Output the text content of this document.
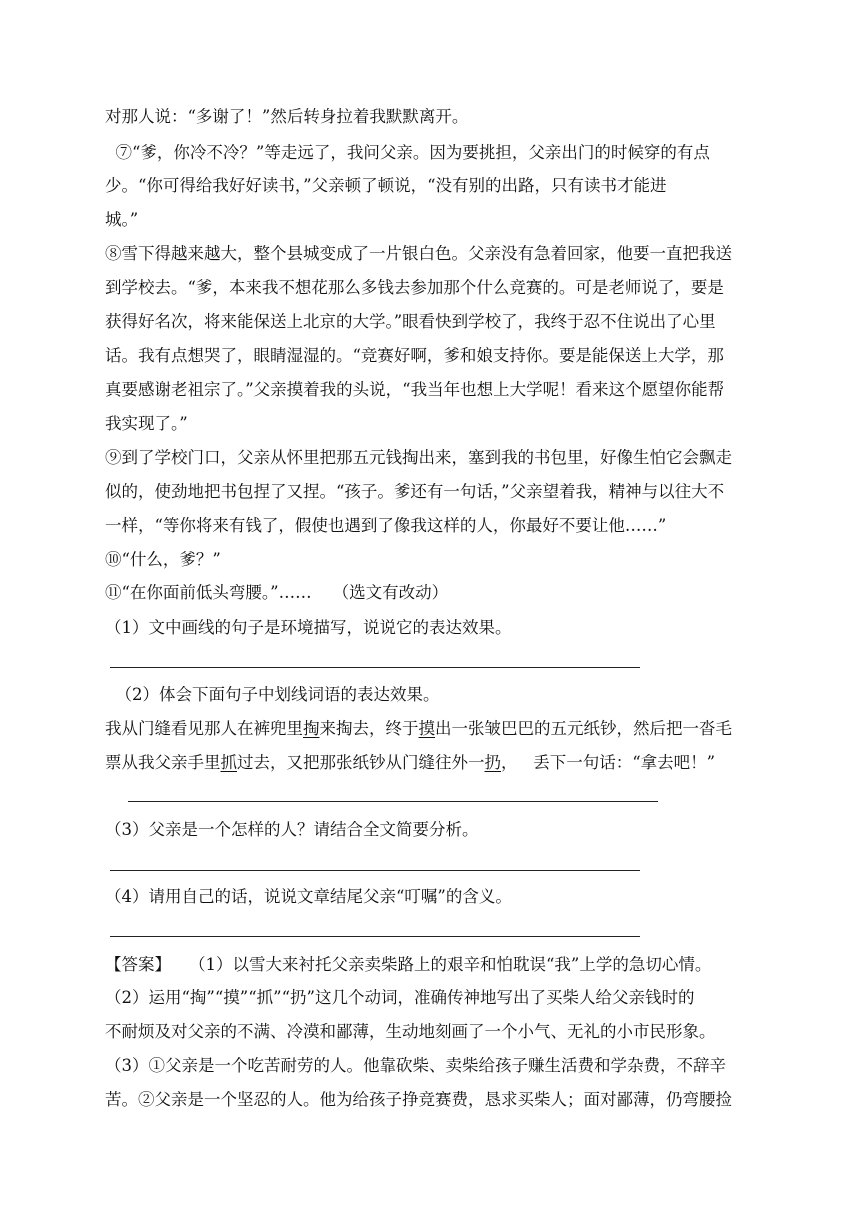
对那人说：“多谢了！”然后转身拉着我默默离开。
⑦“爹，你冷不冷？”等走远了，我问父亲。因为要挑担，父亲出门的时候穿的有点
少。“你可得给我好好读书，”父亲顿了顿说，“没有别的出路，只有读书才能进
城。”
⑧雪下得越来越大，整个县城变成了一片银白色。父亲没有急着回家，他要一直把我送
到学校去。“爹，本来我不想花那么多钱去参加那个什么竞赛的。可是老师说了，要是
获得好名次，将来能保送上北京的大学。”眼看快到学校了，我终于忍不住说出了心里
话。我有点想哭了，眼睛湿湿的。“竞赛好啊，爹和娘支持你。要是能保送上大学，那
真要感谢老祖宗了。”父亲摸着我的头说，“我当年也想上大学呢！看来这个愿望你能帮
我实现了。”
⑨到了学校门口，父亲从怀里把那五元钱掏出来，塞到我的书包里，好像生怕它会飘走
似的，使劲地把书包捏了又捏。“孩子。爹还有一句话，”父亲望着我，精神与以往大不
一样，“等你将来有钱了，假使也遇到了像我这样的人，你最好不要让他……”
⑩“什么，爹？”
⑪“在你面前低头弯腰。”……    （选文有改动）
（1）文中画线的句子是环境描写，说说它的表达效果。
（2）体会下面句子中划线词语的表达效果。
我从门缝看见那人在裤兜里掏来掏去，终于摸出一张皱巴巴的五元纸钞，然后把一沓毛
票从我父亲手里抓过去，又把那张纸钞从门缝往外一扔，   丢下一句话：“拿去吧！”
（3）父亲是一个怎样的人？请结合全文简要分析。
（4）请用自己的话，说说文章结尾父亲“叮嘱”的含义。
【答案】 （1）以雪大来衬托父亲卖柴路上的艰辛和怕耽误“我”上学的急切心情。
（2）运用“掏”“摸”“抓”“扔”这几个动词，准确传神地写出了买柴人给父亲钱时的
不耐烦及对父亲的不满、冷漠和鄙薄，生动地刻画了一个小气、无礼的小市民形象。
（3）①父亲是一个吃苦耐劳的人。他靠砍柴、卖柴给孩子赚生活费和学杂费，不辞辛
苦。②父亲是一个坚忍的人。他为给孩子挣竞赛费，恳求买柴人；面对鄙薄，仍弯腰捡
